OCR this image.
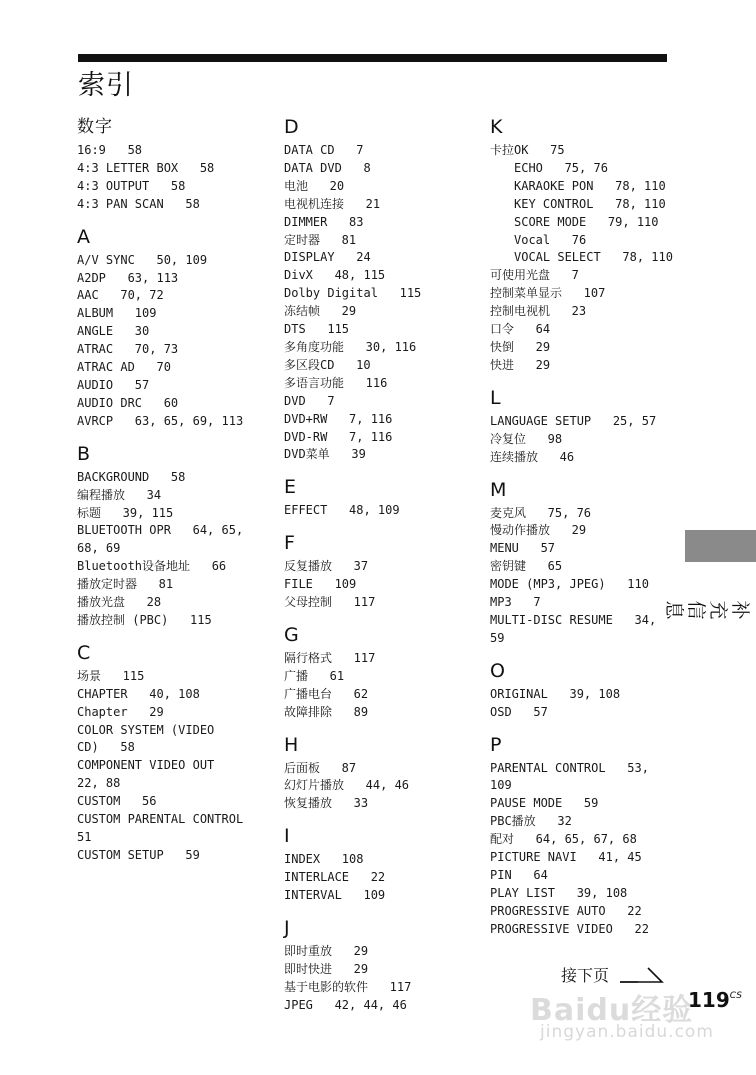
索引
数字
16:9   58
4:3 LETTER BOX   58
4:3 OUTPUT   58
4:3 PAN SCAN   58
A
A/V SYNC   50, 109
A2DP   63, 113
AAC   70, 72
ALBUM   109
ANGLE   30
ATRAC   70, 73
ATRAC AD   70
AUDIO   57
AUDIO DRC   60
AVRCP   63, 65, 69, 113
B
BACKGROUND   58
编程播放   34
标题   39, 115
BLUETOOTH OPR   64, 65,
68, 69
Bluetooth设备地址   66
播放定时器   81
播放光盘   28
播放控制 (PBC)   115
C
场景   115
CHAPTER   40, 108
Chapter   29
COLOR SYSTEM (VIDEO
CD)   58
COMPONENT VIDEO OUT
22, 88
CUSTOM   56
CUSTOM PARENTAL CONTROL
51
CUSTOM SETUP   59
D
DATA CD   7
DATA DVD   8
电池   20
电视机连接   21
DIMMER   83
定时器   81
DISPLAY   24
DivX   48, 115
Dolby Digital   115
冻结帧   29
DTS   115
多角度功能   30, 116
多区段CD   10
多语言功能   116
DVD   7
DVD+RW   7, 116
DVD-RW   7, 116
DVD菜单   39
E
EFFECT   48, 109
F
反复播放   37
FILE   109
父母控制   117
G
隔行格式   117
广播   61
广播电台   62
故障排除   89
H
后面板   87
幻灯片播放   44, 46
恢复播放   33
I
INDEX   108
INTERLACE   22
INTERVAL   109
J
即时重放   29
即时快进   29
基于电影的软件   117
JPEG   42, 44, 46
K
卡拉OK   75
ECHO   75, 76
KARAOKE PON   78, 110
KEY CONTROL   78, 110
SCORE MODE   79, 110
Vocal   76
VOCAL SELECT   78, 110
可使用光盘   7
控制菜单显示   107
控制电视机   23
口令   64
快倒   29
快进   29
L
LANGUAGE SETUP   25, 57
冷复位   98
连续播放   46
M
麦克风   75, 76
慢动作播放   29
MENU   57
密钥键   65
MODE (MP3, JPEG)   110
MP3   7
MULTI-DISC RESUME   34,
59
O
ORIGINAL   39, 108
OSD   57
P
PARENTAL CONTROL   53,
109
PAUSE MODE   59
PBC播放   32
配对   64, 65, 67, 68
PICTURE NAVI   41, 45
PIN   64
PLAY LIST   39, 108
PROGRESSIVE AUTO   22
PROGRESSIVE VIDEO   22
补充信息
接下页
Baidu经验
jingyan.baidu.com
$119^{CS}$
